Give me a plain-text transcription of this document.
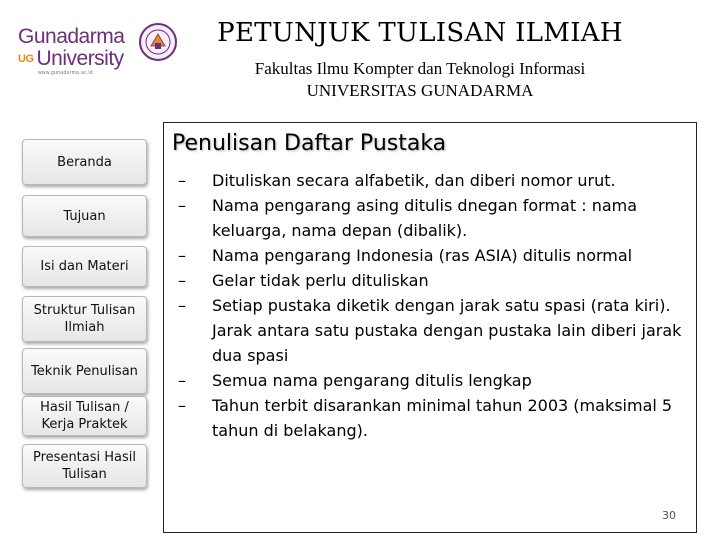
Gunadarma
UG University
www.gunadarma.ac.id
PETUNJUK TULISAN ILMIAH
Fakultas Ilmu Kompter dan Teknologi Informasi
UNIVERSITAS GUNADARMA
Beranda
Tujuan
Isi dan Materi
Struktur Tulisan Ilmiah
Teknik Penulisan
Hasil Tulisan / Kerja Praktek
Presentasi Hasil Tulisan
Penulisan Daftar Pustaka
–	Dituliskan secara alfabetik, dan diberi nomor urut.
–	Nama pengarang asing ditulis dnegan format : nama keluarga, nama depan (dibalik).
–	Nama pengarang Indonesia (ras ASIA) ditulis normal
–	Gelar tidak perlu dituliskan
–	Setiap pustaka diketik dengan jarak satu spasi (rata kiri). Jarak antara satu pustaka dengan pustaka lain diberi jarak dua spasi
–	Semua nama pengarang ditulis lengkap
–	Tahun terbit disarankan minimal tahun 2003 (maksimal 5 tahun di belakang).
30
